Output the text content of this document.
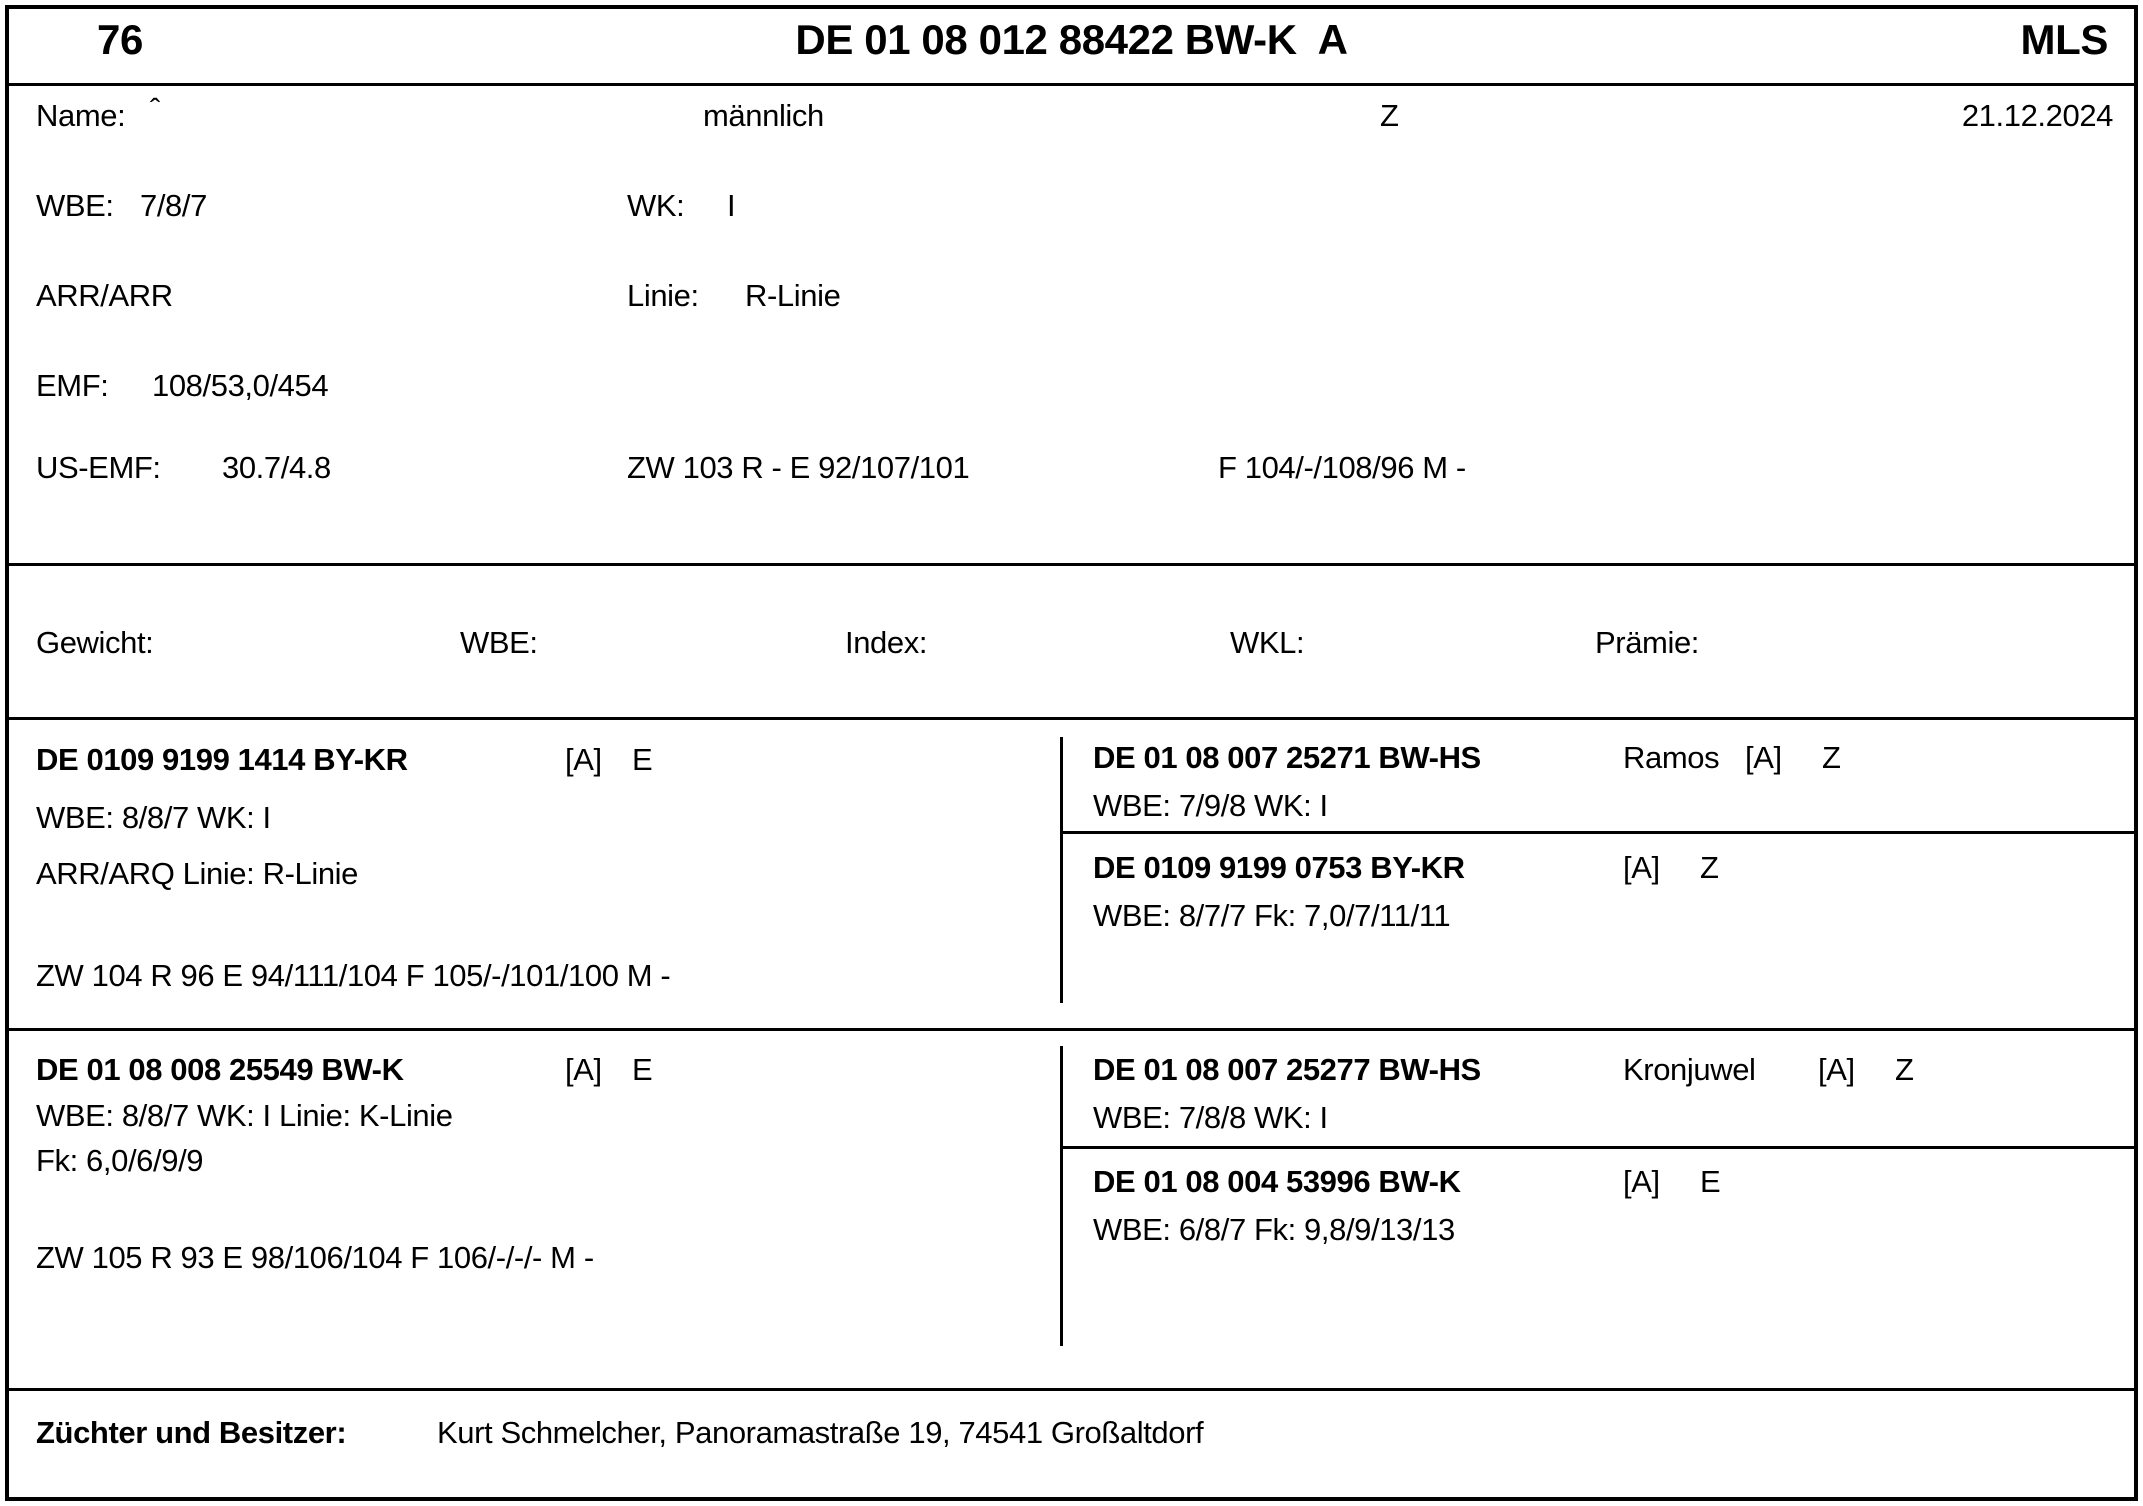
76	DE 01 08 012 88422 BW-K  A	MLS
Name: ˆ	männlich	Z	21.12.2024
WBE: 7/8/7	WK: I
ARR/ARR	Linie: R-Linie
EMF: 108/53,0/454
US-EMF: 30.7/4.8	ZW 103 R - E 92/107/101	F 104/-/108/96 M -
Gewicht:	WBE:	Index:	WKL:	Prämie:
DE 0109 9199 1414 BY-KR	[A] E
WBE: 8/8/7 WK: I
ARR/ARQ Linie: R-Linie
ZW 104 R 96 E 94/111/104 F 105/-/101/100 M -
DE 01 08 007 25271 BW-HS	Ramos [A] Z
WBE: 7/9/8 WK: I
DE 0109 9199 0753 BY-KR	[A] Z
WBE: 8/7/7 Fk: 7,0/7/11/11
DE 01 08 008 25549 BW-K	[A] E
WBE: 8/8/7 WK: I Linie: K-Linie
Fk: 6,0/6/9/9
ZW 105 R 93 E 98/106/104 F 106/-/-/- M -
DE 01 08 007 25277 BW-HS	Kronjuwel [A] Z
WBE: 7/8/8 WK: I
DE 01 08 004 53996 BW-K	[A] E
WBE: 6/8/7 Fk: 9,8/9/13/13
Züchter und Besitzer:	Kurt Schmelcher, Panoramastraße 19, 74541 Großaltdorf
